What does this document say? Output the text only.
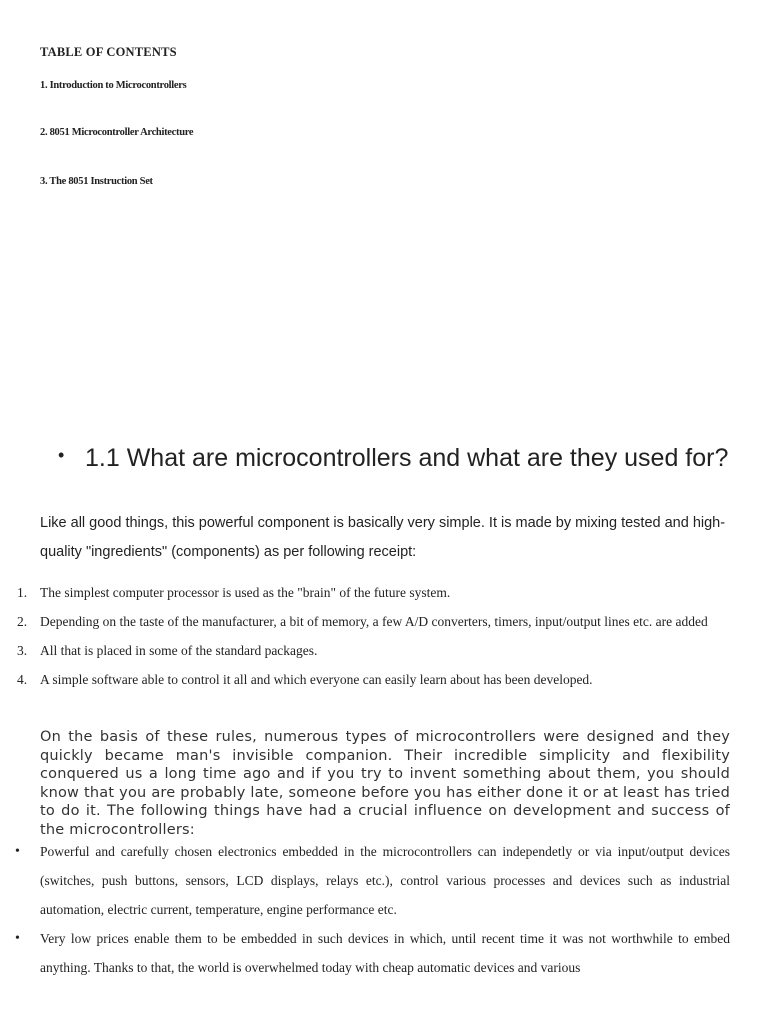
TABLE OF CONTENTS
1. Introduction to Microcontrollers
2. 8051 Microcontroller Architecture
3. The 8051 Instruction Set
• 1.1 What are microcontrollers and what are they used for?
Like all good things, this powerful component is basically very simple. It is made by mixing tested and high- quality "ingredients" (components) as per following receipt:
1. The simplest computer processor is used as the "brain" of the future system.
2. Depending on the taste of the manufacturer, a bit of memory, a few A/D converters, timers, input/output lines etc. are added
3. All that is placed in some of the standard packages.
4. A simple software able to control it all and which everyone can easily learn about has been developed.
On the basis of these rules, numerous types of microcontrollers were designed and they quickly became man's invisible companion. Their incredible simplicity and flexibility conquered us a long time ago and if you try to invent something about them, you should know that you are probably late, someone before you has either done it or at least has tried to do it. The following things have had a crucial influence on development and success of the microcontrollers:
• Powerful and carefully chosen electronics embedded in the microcontrollers can independetly or via input/output devices (switches, push buttons, sensors, LCD displays, relays etc.), control various processes and devices such as industrial automation, electric current, temperature, engine performance etc.
• Very low prices enable them to be embedded in such devices in which, until recent time it was not worthwhile to embed anything. Thanks to that, the world is overwhelmed today with cheap automatic devices and various
